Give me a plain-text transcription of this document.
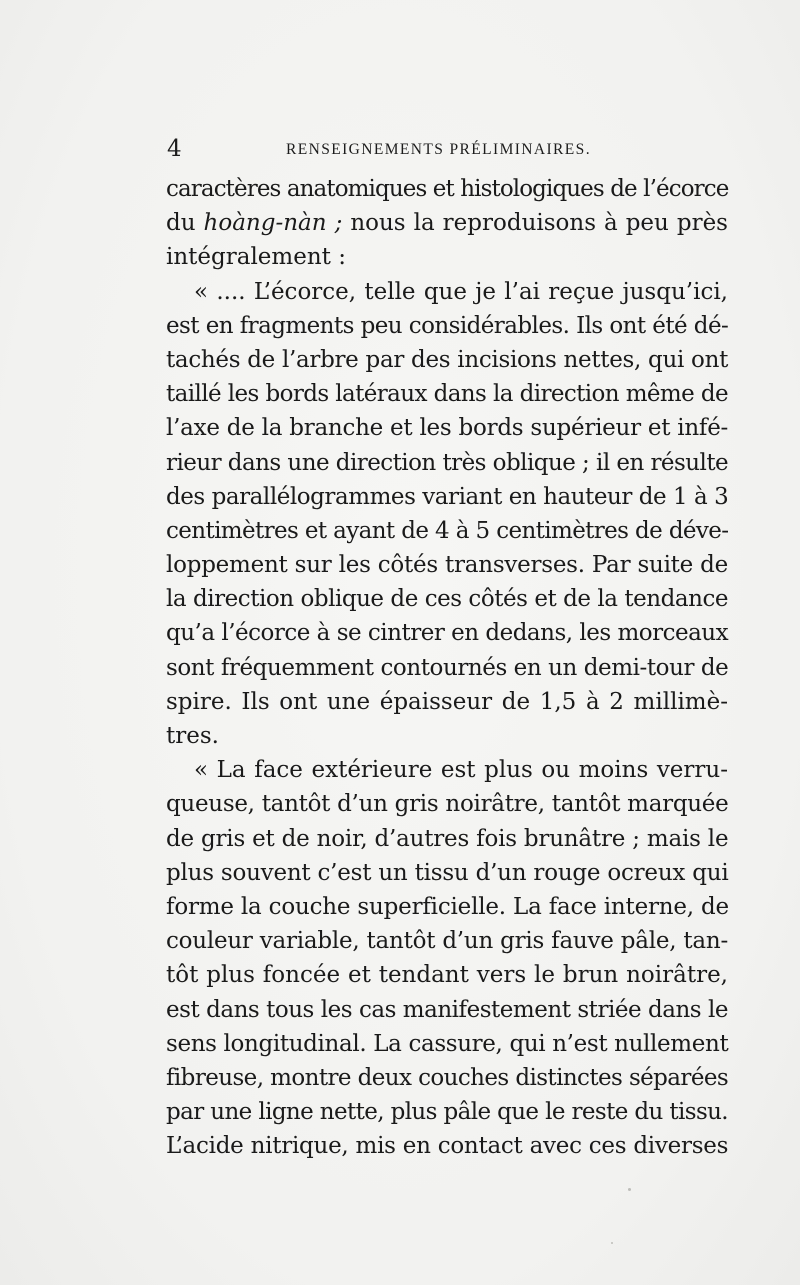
4	RENSEIGNEMENTS PRÉLIMINAIRES.
caractères anatomiques et histologiques de l’écorce
du hoàng-nàn ; nous la reproduisons à peu près
intégralement :
« .... L’écorce, telle que je l’ai reçue jusqu’ici,
est en fragments peu considérables. Ils ont été dé-
tachés de l’arbre par des incisions nettes, qui ont
taillé les bords latéraux dans la direction même de
l’axe de la branche et les bords supérieur et infé-
rieur dans une direction très oblique ; il en résulte
des parallélogrammes variant en hauteur de 1 à 3
centimètres et ayant de 4 à 5 centimètres de déve-
loppement sur les côtés transverses. Par suite de
la direction oblique de ces côtés et de la tendance
qu’a l’écorce à se cintrer en dedans, les morceaux
sont fréquemment contournés en un demi-tour de
spire. Ils ont une épaisseur de 1,5 à 2 millimè-
tres.
« La face extérieure est plus ou moins verru-
queuse, tantôt d’un gris noirâtre, tantôt marquée
de gris et de noir, d’autres fois brunâtre ; mais le
plus souvent c’est un tissu d’un rouge ocreux qui
forme la couche superficielle. La face interne, de
couleur variable, tantôt d’un gris fauve pâle, tan-
tôt plus foncée et tendant vers le brun noirâtre,
est dans tous les cas manifestement striée dans le
sens longitudinal. La cassure, qui n’est nullement
fibreuse, montre deux couches distinctes séparées
par une ligne nette, plus pâle que le reste du tissu.
L’acide nitrique, mis en contact avec ces diverses
